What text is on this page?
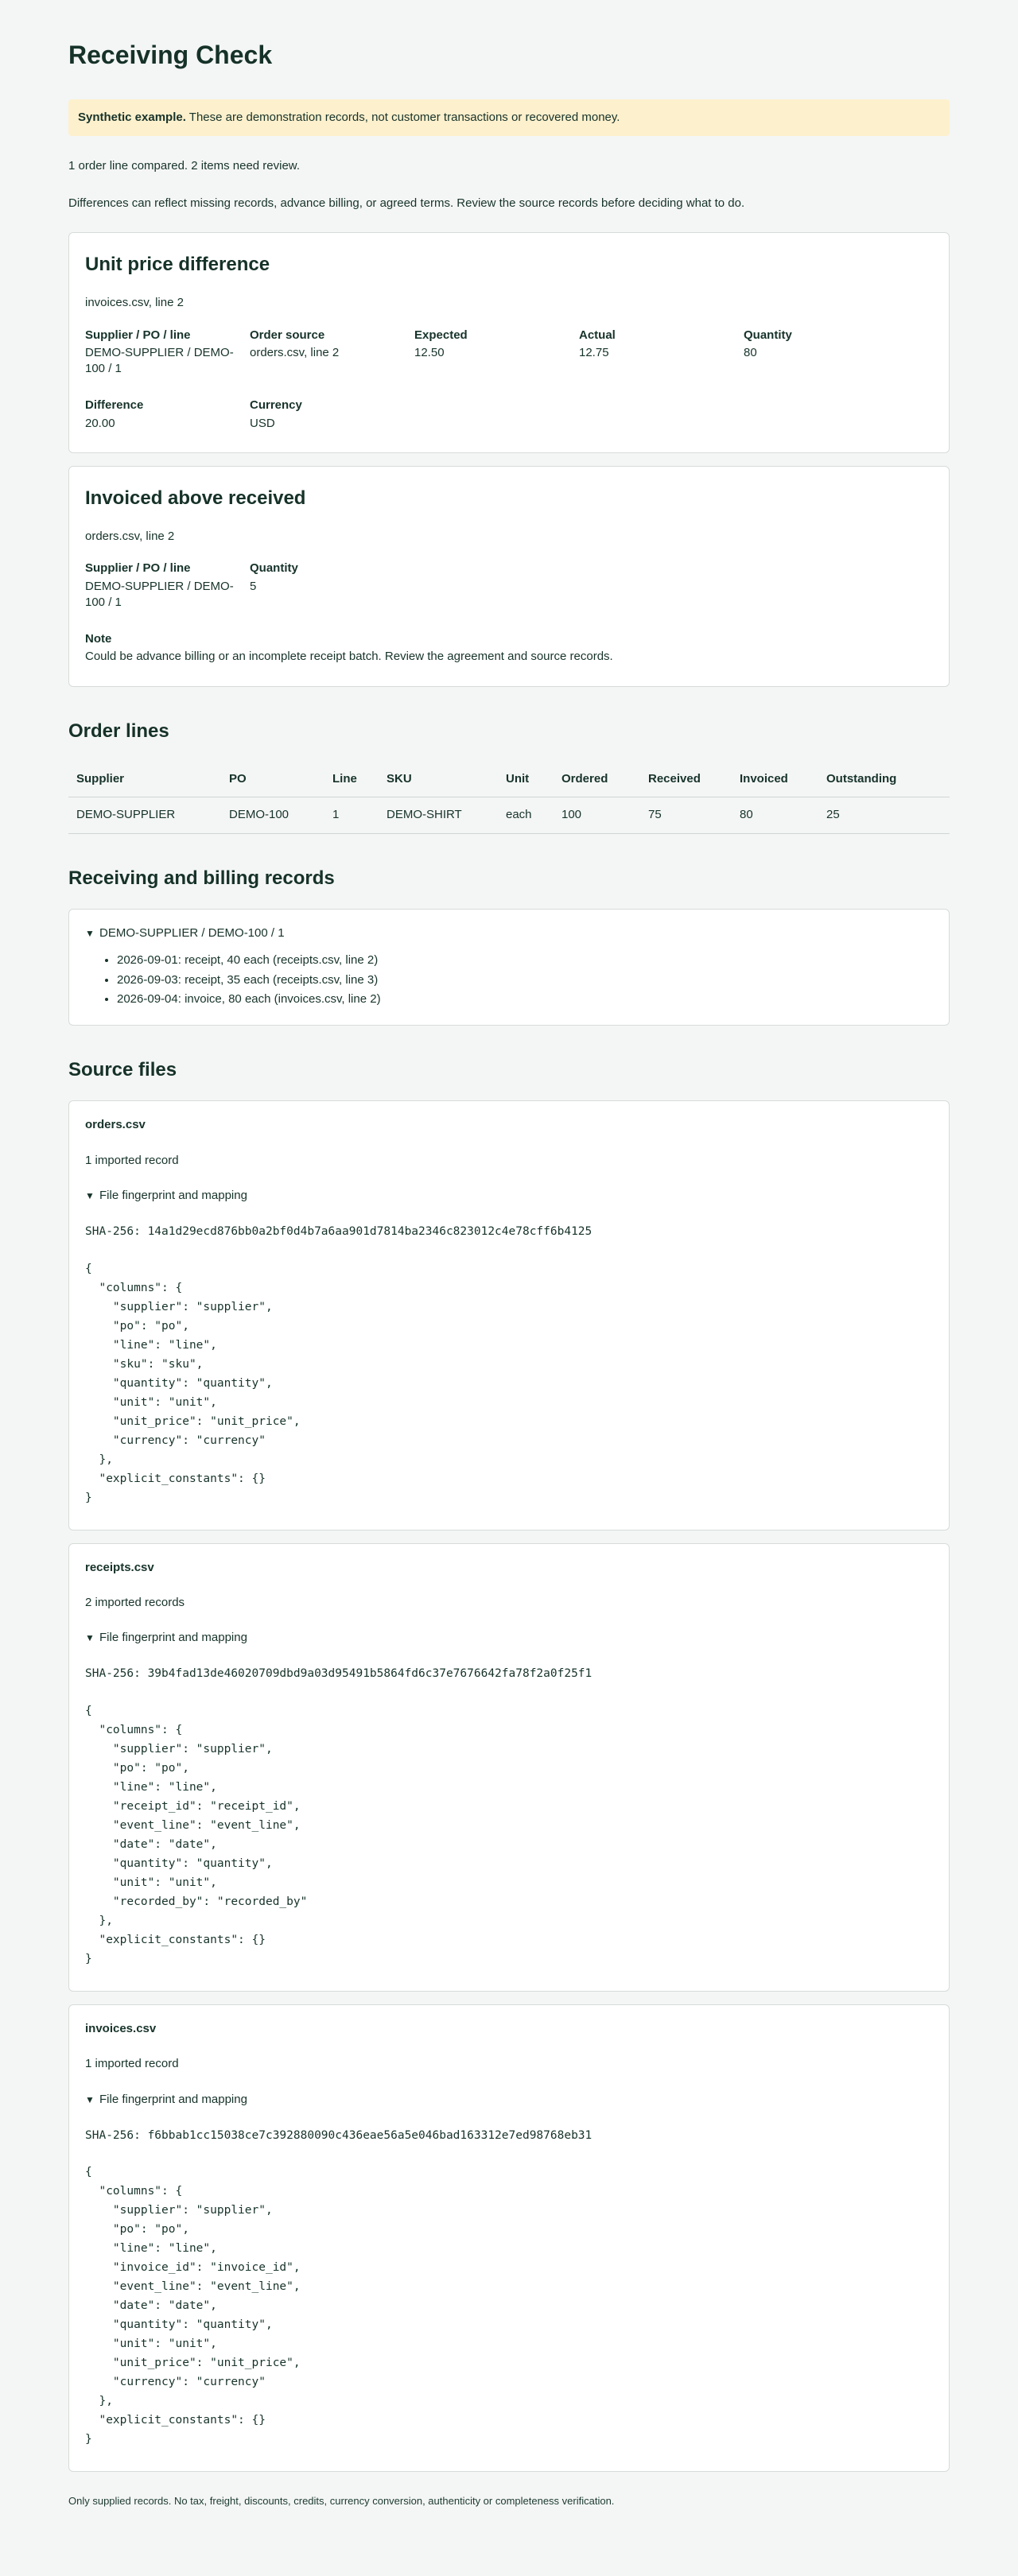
Receiving Check
Synthetic example. These are demonstration records, not customer transactions or recovered money.

1 order line compared. 2 items need review.

Differences can reflect missing records, advance billing, or agreed terms. Review the source records before deciding what to do.

Unit price difference
invoices.csv, line 2
Supplier / PO / line
DEMO-SUPPLIER / DEMO-100 / 1
Order source
orders.csv, line 2
Expected
12.50
Actual
12.75
Quantity
80
Difference
20.00
Currency
USD
Invoiced above received
orders.csv, line 2
Supplier / PO / line
DEMO-SUPPLIER / DEMO-100 / 1
Quantity
5
Note
Could be advance billing or an incomplete receipt batch. Review the agreement and source records.
Order lines
Supplier	PO	Line	SKU	Unit	Ordered	Received	Invoiced	Outstanding
DEMO-SUPPLIER	DEMO-100	1	DEMO-SHIRT	each	100	75	80	25
Receiving and billing records
▼ DEMO-SUPPLIER / DEMO-100 / 1
• 2026-09-01: receipt, 40 each (receipts.csv, line 2)
• 2026-09-03: receipt, 35 each (receipts.csv, line 3)
• 2026-09-04: invoice, 80 each (invoices.csv, line 2)
Source files
orders.csv
1 imported record
▼ File fingerprint and mapping
SHA-256: 14a1d29ecd876bb0a2bf0d4b7a6aa901d7814ba2346c823012c4e78cff6b4125
{
"columns": {
"supplier": "supplier",
"po": "po",
"line": "line",
"sku": "sku",
"quantity": "quantity",
"unit": "unit",
"unit_price": "unit_price",
"currency": "currency"
},
"explicit_constants": {}
}
receipts.csv
2 imported records
▼ File fingerprint and mapping
SHA-256: 39b4fad13de46020709dbd9a03d95491b5864fd6c37e7676642fa78f2a0f25f1
{
"columns": {
"supplier": "supplier",
"po": "po",
"line": "line",
"receipt_id": "receipt_id",
"event_line": "event_line",
"date": "date",
"quantity": "quantity",
"unit": "unit",
"recorded_by": "recorded_by"
},
"explicit_constants": {}
}
invoices.csv
1 imported record
▼ File fingerprint and mapping
SHA-256: f6bbab1cc15038ce7c392880090c436eae56a5e046bad163312e7ed98768eb31
{
"columns": {
"supplier": "supplier",
"po": "po",
"line": "line",
"invoice_id": "invoice_id",
"event_line": "event_line",
"date": "date",
"quantity": "quantity",
"unit": "unit",
"unit_price": "unit_price",
"currency": "currency"
},
"explicit_constants": {}
}
Only supplied records. No tax, freight, discounts, credits, currency conversion, authenticity or completeness verification.
